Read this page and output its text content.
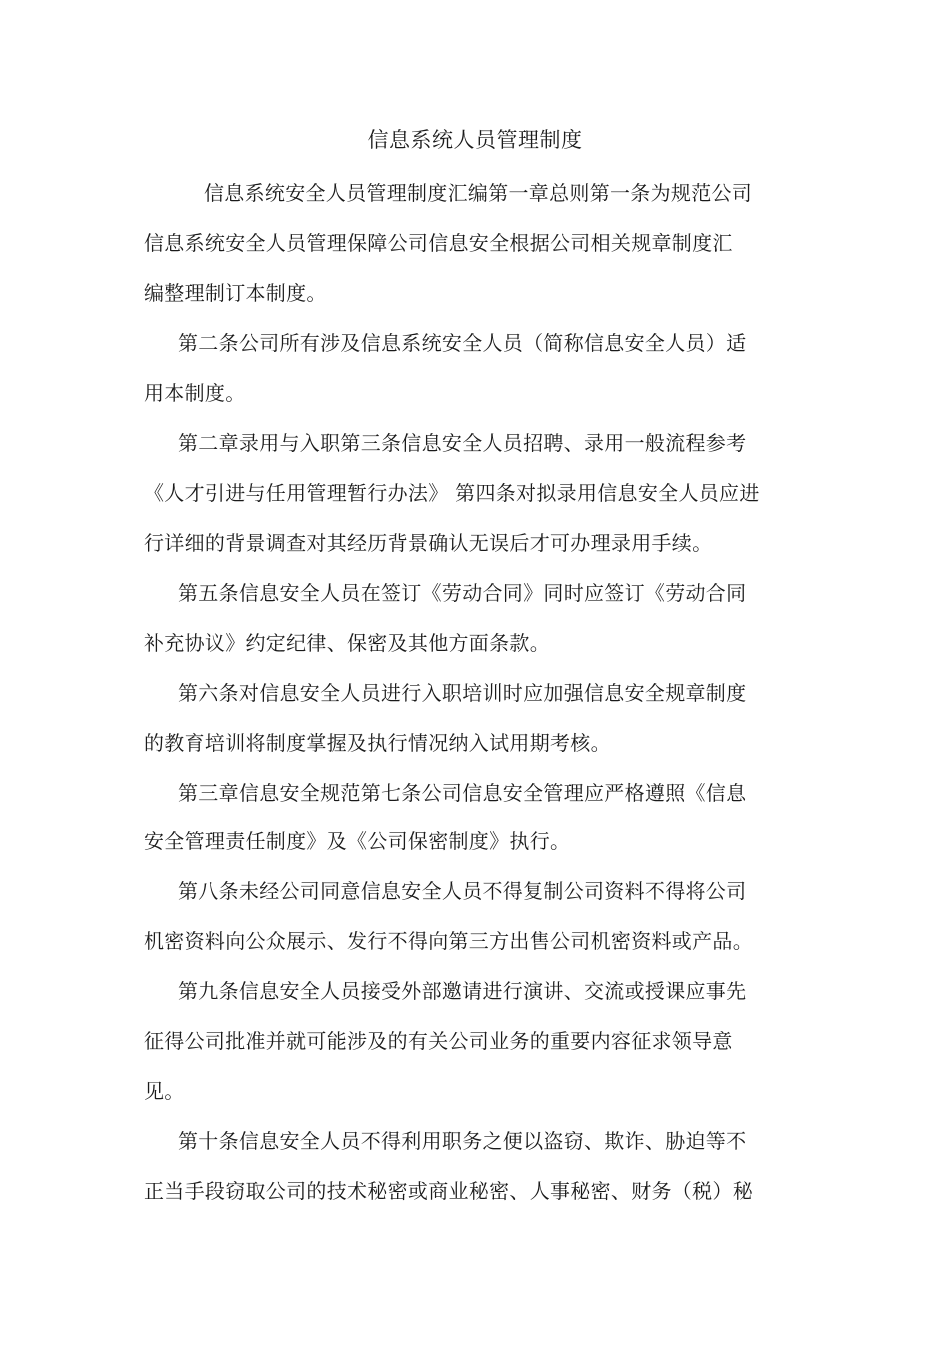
信息系统人员管理制度
信息系统安全人员管理制度汇编第一章总则第一条为规范公司
信息系统安全人员管理保障公司信息安全根据公司相关规章制度汇
编整理制订本制度。
第二条公司所有涉及信息系统安全人员（简称信息安全人员）适
用本制度。
第二章录用与入职第三条信息安全人员招聘、录用一般流程参考
《人才引进与任用管理暂行办法》 第四条对拟录用信息安全人员应进
行详细的背景调查对其经历背景确认无误后才可办理录用手续。
第五条信息安全人员在签订《劳动合同》同时应签订《劳动合同
补充协议》约定纪律、保密及其他方面条款。
第六条对信息安全人员进行入职培训时应加强信息安全规章制度
的教育培训将制度掌握及执行情况纳入试用期考核。
第三章信息安全规范第七条公司信息安全管理应严格遵照《信息
安全管理责任制度》及《公司保密制度》执行。
第八条未经公司同意信息安全人员不得复制公司资料不得将公司
机密资料向公众展示、发行不得向第三方出售公司机密资料或产品。
第九条信息安全人员接受外部邀请进行演讲、交流或授课应事先
征得公司批准并就可能涉及的有关公司业务的重要内容征求领导意
见。
第十条信息安全人员不得利用职务之便以盗窃、欺诈、胁迫等不
正当手段窃取公司的技术秘密或商业秘密、人事秘密、财务（税）秘
